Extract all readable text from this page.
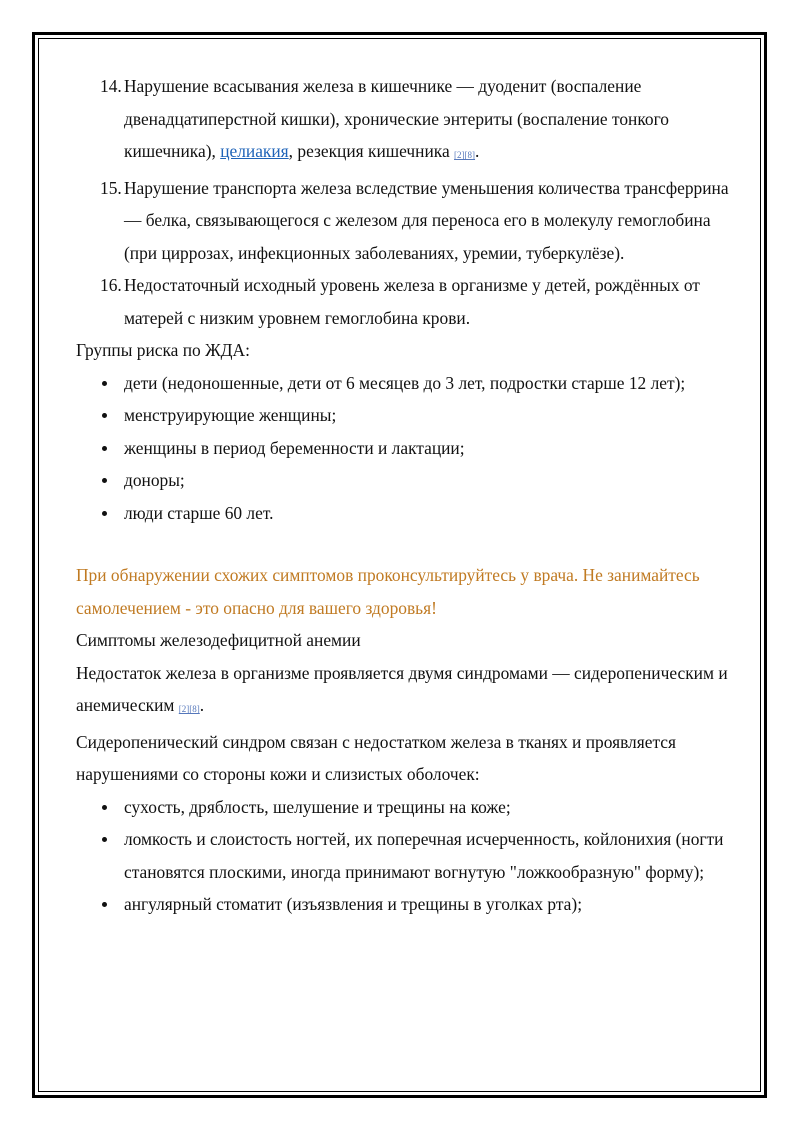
14. Нарушение всасывания железа в кишечнике — дуоденит (воспаление двенадцатиперстной кишки), хронические энтериты (воспаление тонкого кишечника), целиакия, резекция кишечника [2][8].
15. Нарушение транспорта железа вследствие уменьшения количества трансферрина — белка, связывающегося с железом для переноса его в молекулу гемоглобина (при циррозах, инфекционных заболеваниях, уремии, туберкулёзе).
16. Недостаточный исходный уровень железа в организме у детей, рождённых от матерей с низким уровнем гемоглобина крови.

Группы риска по ЖДА:

дети (недоношенные, дети от 6 месяцев до 3 лет, подростки старше 12 лет);
менструирующие женщины;
женщины в период беременности и лактации;
доноры;
люди старше 60 лет.

При обнаружении схожих симптомов проконсультируйтесь у врача. Не занимайтесь самолечением - это опасно для вашего здоровья!

Симптомы железодефицитной анемии

Недостаток железа в организме проявляется двумя синдромами — сидеропеническим и анемическим [2][8].

Сидеропенический синдром связан с недостатком железа в тканях и проявляется нарушениями со стороны кожи и слизистых оболочек:

сухость, дряблость, шелушение и трещины на коже;
ломкость и слоистость ногтей, их поперечная исчерченность, койлонихия (ногти становятся плоскими, иногда принимают вогнутую "ложкообразную" форму);
ангулярный стоматит (изъязвления и трещины в уголках рта);
